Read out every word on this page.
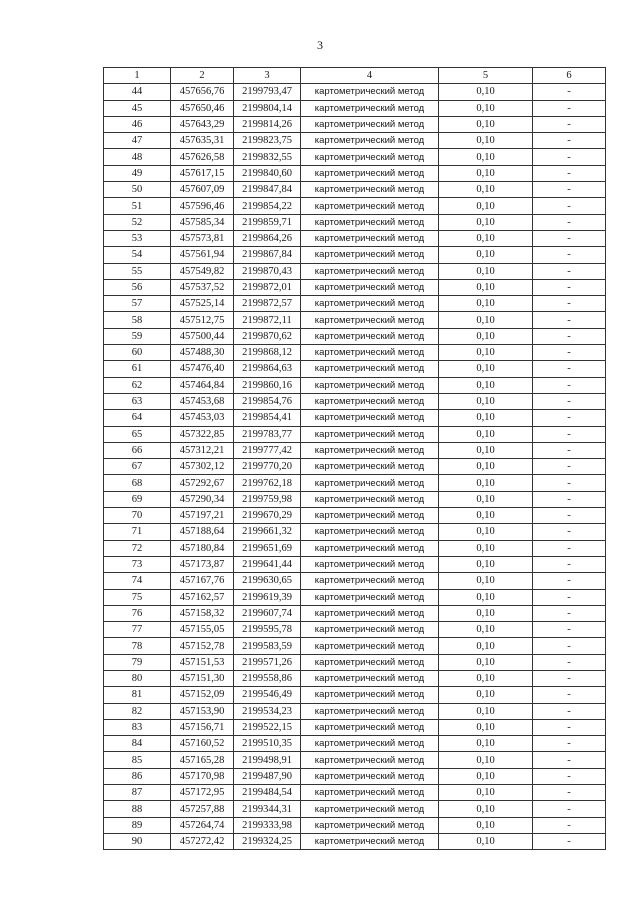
3
1	2	3	4	5	6
44	457656,76	2199793,47	картометрический метод	0,10	-
45	457650,46	2199804,14	картометрический метод	0,10	-
46	457643,29	2199814,26	картометрический метод	0,10	-
47	457635,31	2199823,75	картометрический метод	0,10	-
48	457626,58	2199832,55	картометрический метод	0,10	-
49	457617,15	2199840,60	картометрический метод	0,10	-
50	457607,09	2199847,84	картометрический метод	0,10	-
51	457596,46	2199854,22	картометрический метод	0,10	-
52	457585,34	2199859,71	картометрический метод	0,10	-
53	457573,81	2199864,26	картометрический метод	0,10	-
54	457561,94	2199867,84	картометрический метод	0,10	-
55	457549,82	2199870,43	картометрический метод	0,10	-
56	457537,52	2199872,01	картометрический метод	0,10	-
57	457525,14	2199872,57	картометрический метод	0,10	-
58	457512,75	2199872,11	картометрический метод	0,10	-
59	457500,44	2199870,62	картометрический метод	0,10	-
60	457488,30	2199868,12	картометрический метод	0,10	-
61	457476,40	2199864,63	картометрический метод	0,10	-
62	457464,84	2199860,16	картометрический метод	0,10	-
63	457453,68	2199854,76	картометрический метод	0,10	-
64	457453,03	2199854,41	картометрический метод	0,10	-
65	457322,85	2199783,77	картометрический метод	0,10	-
66	457312,21	2199777,42	картометрический метод	0,10	-
67	457302,12	2199770,20	картометрический метод	0,10	-
68	457292,67	2199762,18	картометрический метод	0,10	-
69	457290,34	2199759,98	картометрический метод	0,10	-
70	457197,21	2199670,29	картометрический метод	0,10	-
71	457188,64	2199661,32	картометрический метод	0,10	-
72	457180,84	2199651,69	картометрический метод	0,10	-
73	457173,87	2199641,44	картометрический метод	0,10	-
74	457167,76	2199630,65	картометрический метод	0,10	-
75	457162,57	2199619,39	картометрический метод	0,10	-
76	457158,32	2199607,74	картометрический метод	0,10	-
77	457155,05	2199595,78	картометрический метод	0,10	-
78	457152,78	2199583,59	картометрический метод	0,10	-
79	457151,53	2199571,26	картометрический метод	0,10	-
80	457151,30	2199558,86	картометрический метод	0,10	-
81	457152,09	2199546,49	картометрический метод	0,10	-
82	457153,90	2199534,23	картометрический метод	0,10	-
83	457156,71	2199522,15	картометрический метод	0,10	-
84	457160,52	2199510,35	картометрический метод	0,10	-
85	457165,28	2199498,91	картометрический метод	0,10	-
86	457170,98	2199487,90	картометрический метод	0,10	-
87	457172,95	2199484,54	картометрический метод	0,10	-
88	457257,88	2199344,31	картометрический метод	0,10	-
89	457264,74	2199333,98	картометрический метод	0,10	-
90	457272,42	2199324,25	картометрический метод	0,10	-
